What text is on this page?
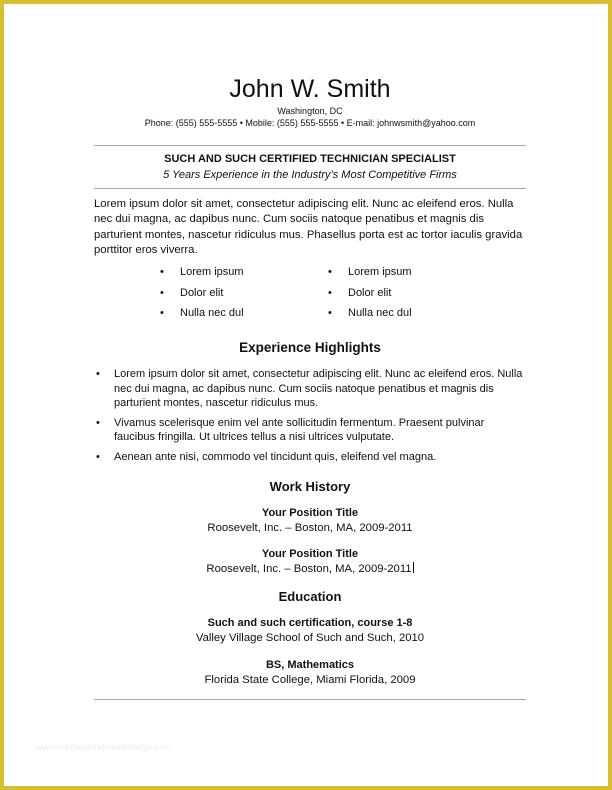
John W. Smith
Washington, DC
Phone: (555) 555-5555 • Mobile: (555) 555-5555 • E-mail: johnwsmith@yahoo.com
SUCH AND SUCH CERTIFIED TECHNICIAN SPECIALIST
5 Years Experience in the Industry’s Most Competitive Firms

Lorem ipsum dolor sit amet, consectetur adipiscing elit. Nunc ac eleifend eros. Nulla nec dui magna, ac dapibus nunc. Cum sociis natoque penatibus et magnis dis parturient montes, nascetur ridiculus mus. Phasellus porta est ac tortor iaculis gravida porttitor eros viverra.

• Lorem ipsum
• Dolor elit
• Nulla nec dul
• Lorem ipsum
• Dolor elit
• Nulla nec dul
Experience Highlights
• Lorem ipsum dolor sit amet, consectetur adipiscing elit. Nunc ac eleifend eros. Nulla nec dui magna, ac dapibus nunc. Cum sociis natoque penatibus et magnis dis parturient montes, nascetur ridiculus mus.
• Vivamus scelerisque enim vel ante sollicitudin fermentum. Praesent pulvinar faucibus fringilla. Ut ultrices tellus a nisi ultrices vulputate.
• Aenean ante nisi, commodo vel tincidunt quis, eleifend vel magna.
Work History
Your Position Title
Roosevelt, Inc. – Boston, MA, 2009-2011
Your Position Title
Roosevelt, Inc. – Boston, MA, 2009-2011
Education
Such and such certification, course 1-8
Valley Village School of Such and Such, 2010
BS, Mathematics
Florida State College, Miami Florida, 2009
www.heritagechristiancollege.com
